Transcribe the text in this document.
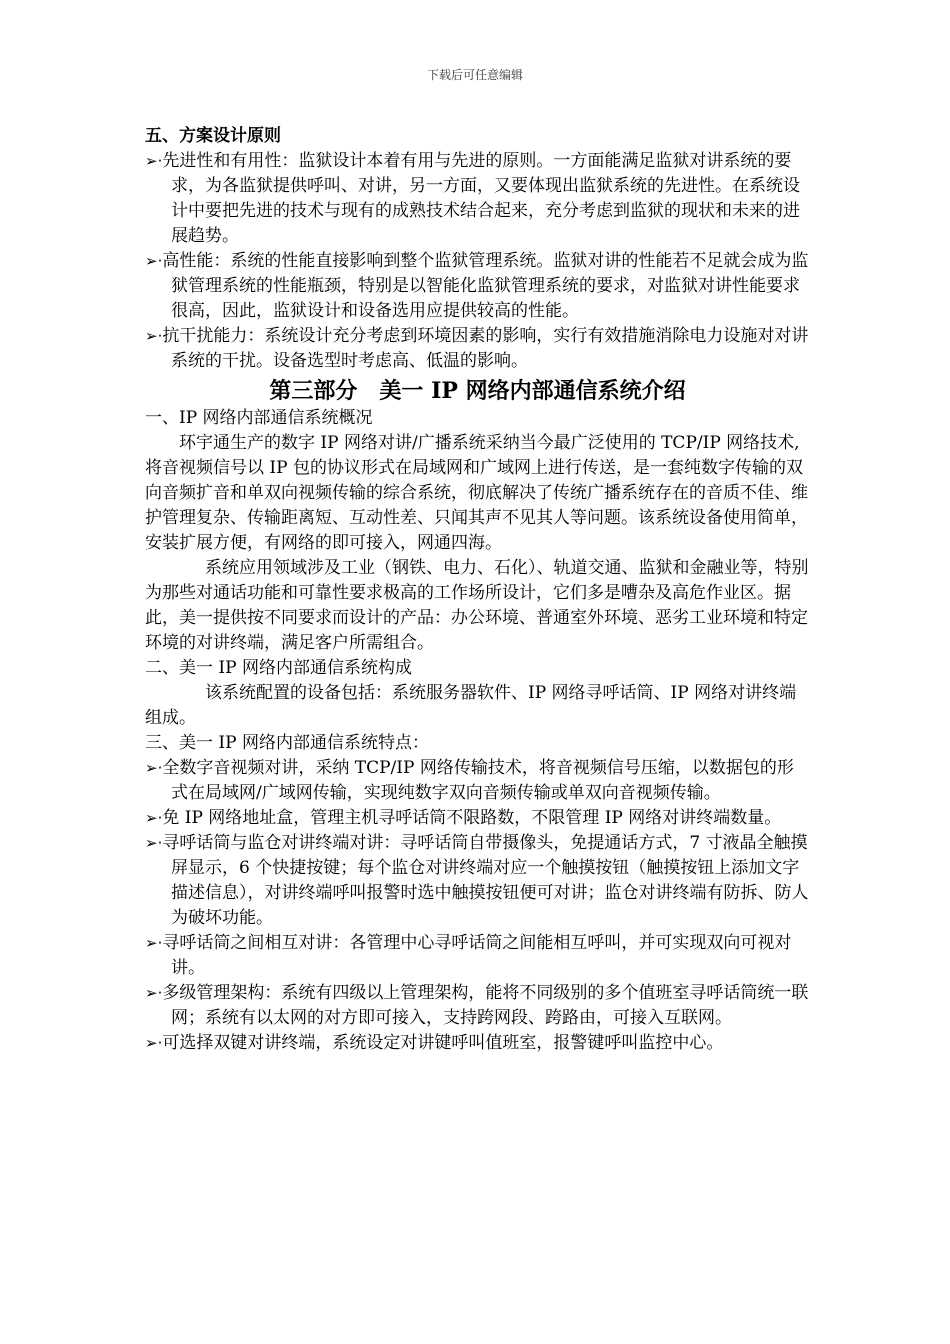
下载后可任意编辑

五、方案设计原则

➢·先进性和有用性：监狱设计本着有用与先进的原则。一方面能满足监狱对讲系统的要求，为各监狱提供呼叫、对讲，另一方面，又要体现出监狱系统的先进性。在系统设计中要把先进的技术与现有的成熟技术结合起来，充分考虑到监狱的现状和未来的进展趋势。

➢·高性能：系统的性能直接影响到整个监狱管理系统。监狱对讲的性能若不足就会成为监狱管理系统的性能瓶颈，特别是以智能化监狱管理系统的要求，对监狱对讲性能要求很高，因此，监狱设计和设备选用应提供较高的性能。

➢·抗干扰能力：系统设计充分考虑到环境因素的影响，实行有效措施消除电力设施对对讲系统的干扰。设备选型时考虑高、低温的影响。

第三部分　美一 IP 网络内部通信系统介绍

一、IP 网络内部通信系统概况

环宇通生产的数字 IP 网络对讲/广播系统采纳当今最广泛使用的 TCP/IP 网络技术,将音视频信号以 IP 包的协议形式在局域网和广域网上进行传送，是一套纯数字传输的双向音频扩音和单双向视频传输的综合系统，彻底解决了传统广播系统存在的音质不佳、维护管理复杂、传输距离短、互动性差、只闻其声不见其人等问题。该系统设备使用简单，安装扩展方便，有网络的即可接入，网通四海。

系统应用领域涉及工业（钢铁、电力、石化）、轨道交通、监狱和金融业等，特别为那些对通话功能和可靠性要求极高的工作场所设计，它们多是嘈杂及高危作业区。据此，美一提供按不同要求而设计的产品：办公环境、普通室外环境、恶劣工业环境和特定环境的对讲终端，满足客户所需组合。

二、美一 IP 网络内部通信系统构成

该系统配置的设备包括：系统服务器软件、IP 网络寻呼话筒、IP 网络对讲终端组成。

三、美一 IP 网络内部通信系统特点：

➢·全数字音视频对讲，采纳 TCP/IP 网络传输技术，将音视频信号压缩，以数据包的形式在局域网/广域网传输，实现纯数字双向音频传输或单双向音视频传输。

➢·免 IP 网络地址盒，管理主机寻呼话筒不限路数，不限管理 IP 网络对讲终端数量。

➢·寻呼话筒与监仓对讲终端对讲：寻呼话筒自带摄像头，免提通话方式，7 寸液晶全触摸屏显示，6 个快捷按键；每个监仓对讲终端对应一个触摸按钮（触摸按钮上添加文字描述信息），对讲终端呼叫报警时选中触摸按钮便可对讲；监仓对讲终端有防拆、防人为破坏功能。

➢·寻呼话筒之间相互对讲：各管理中心寻呼话筒之间能相互呼叫，并可实现双向可视对讲。

➢·多级管理架构：系统有四级以上管理架构，能将不同级别的多个值班室寻呼话筒统一联网；系统有以太网的对方即可接入，支持跨网段、跨路由，可接入互联网。

➢·可选择双键对讲终端，系统设定对讲键呼叫值班室，报警键呼叫监控中心。
